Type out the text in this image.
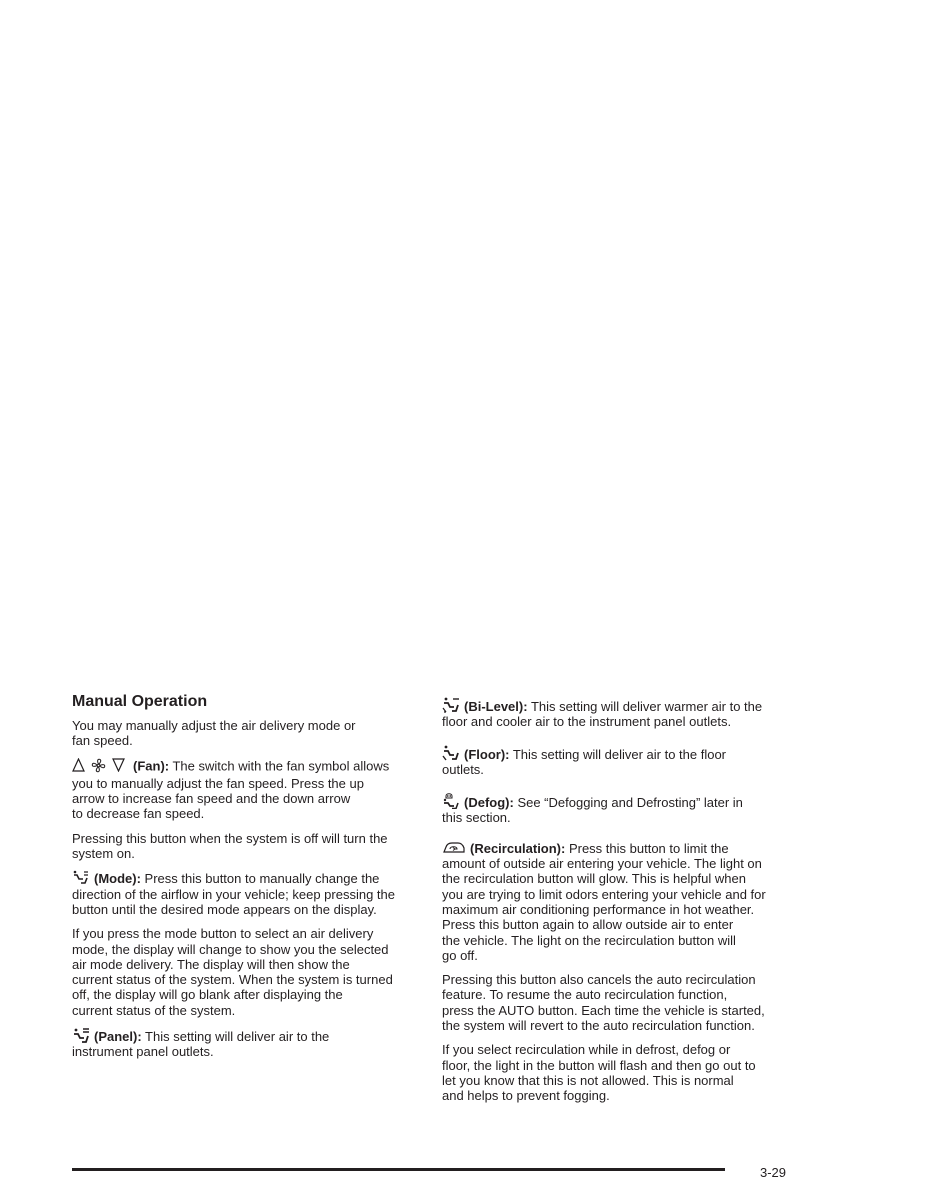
Manual Operation

You may manually adjust the air delivery mode or
fan speed.

(Fan): The switch with the fan symbol allows
you to manually adjust the fan speed. Press the up
arrow to increase fan speed and the down arrow
to decrease fan speed.

Pressing this button when the system is off will turn the
system on.

(Mode): Press this button to manually change the
direction of the airflow in your vehicle; keep pressing the
button until the desired mode appears on the display.

If you press the mode button to select an air delivery
mode, the display will change to show you the selected
air mode delivery. The display will then show the
current status of the system. When the system is turned
off, the display will go blank after displaying the
current status of the system.

(Panel): This setting will deliver air to the
instrument panel outlets.

(Bi-Level): This setting will deliver warmer air to the
floor and cooler air to the instrument panel outlets.

(Floor): This setting will deliver air to the floor
outlets.

(Defog): See “Defogging and Defrosting” later in
this section.

(Recirculation): Press this button to limit the
amount of outside air entering your vehicle. The light on
the recirculation button will glow. This is helpful when
you are trying to limit odors entering your vehicle and for
maximum air conditioning performance in hot weather.
Press this button again to allow outside air to enter
the vehicle. The light on the recirculation button will
go off.

Pressing this button also cancels the auto recirculation
feature. To resume the auto recirculation function,
press the AUTO button. Each time the vehicle is started,
the system will revert to the auto recirculation function.

If you select recirculation while in defrost, defog or
floor, the light in the button will flash and then go out to
let you know that this is not allowed. This is normal
and helps to prevent fogging.

3-29
